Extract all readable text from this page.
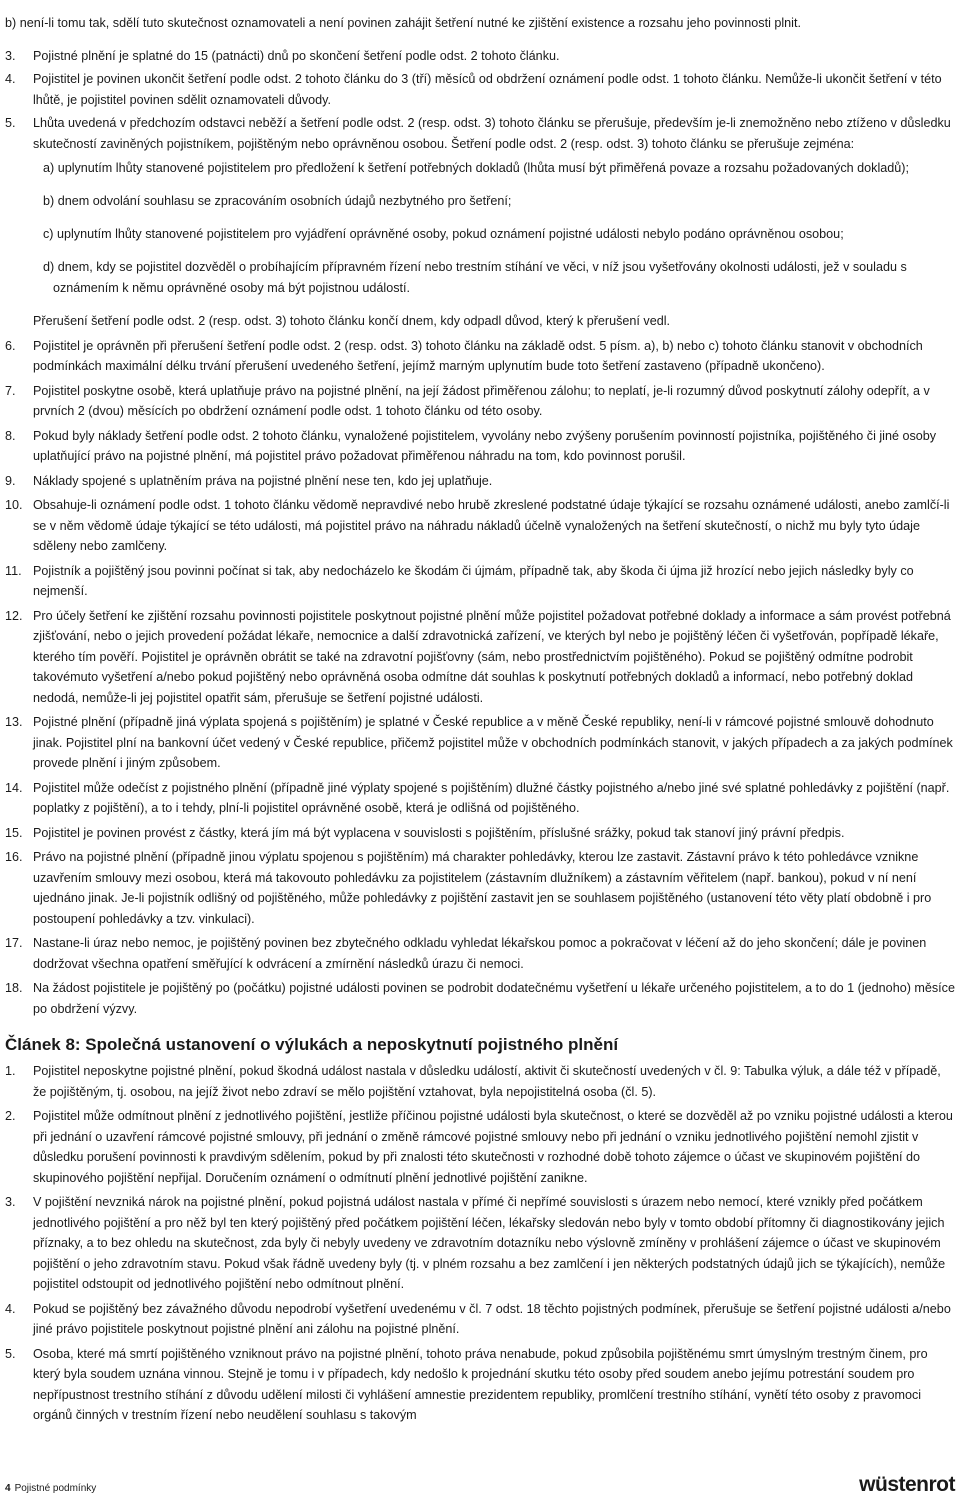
b) není-li tomu tak, sdělí tuto skutečnost oznamovateli a není povinen zahájit šetření nutné ke zjištění existence a rozsahu jeho povinnosti plnit.

3. Pojistné plnění je splatné do 15 (patnácti) dnů po skončení šetření podle odst. 2 tohoto článku.

4. Pojistitel je povinen ukončit šetření podle odst. 2 tohoto článku do 3 (tří) měsíců od obdržení oznámení podle odst. 1 tohoto článku. Nemůže-li ukončit šetření v této lhůtě, je pojistitel povinen sdělit oznamovateli důvody.

5. Lhůta uvedená v předchozím odstavci neběží a šetření podle odst. 2 (resp. odst. 3) tohoto článku se přerušuje, především je-li znemožněno nebo ztíženo v důsledku skutečností zaviněných pojistníkem, pojištěným nebo oprávněnou osobou. Šetření podle odst. 2 (resp. odst. 3) tohoto článku se přerušuje zejména:

a) uplynutím lhůty stanovené pojistitelem pro předložení k šetření potřebných dokladů (lhůta musí být přiměřená povaze a rozsahu požadovaných dokladů);

b) dnem odvolání souhlasu se zpracováním osobních údajů nezbytného pro šetření;

c) uplynutím lhůty stanovené pojistitelem pro vyjádření oprávněné osoby, pokud oznámení pojistné události nebylo podáno oprávněnou osobou;

d) dnem, kdy se pojistitel dozvěděl o probíhajícím přípravném řízení nebo trestním stíhání ve věci, v níž jsou vyšetřovány okolnosti události, jež v souladu s oznámením k němu oprávněné osoby má být pojistnou událostí.

Přerušení šetření podle odst. 2 (resp. odst. 3) tohoto článku končí dnem, kdy odpadl důvod, který k přerušení vedl.

6. Pojistitel je oprávněn při přerušení šetření podle odst. 2 (resp. odst. 3) tohoto článku na základě odst. 5 písm. a), b) nebo c) tohoto článku stanovit v obchodních podmínkách maximální délku trvání přerušení uvedeného šetření, jejímž marným uplynutím bude toto šetření zastaveno (případně ukončeno).

7. Pojistitel poskytne osobě, která uplatňuje právo na pojistné plnění, na její žádost přiměřenou zálohu; to neplatí, je-li rozumný důvod poskytnutí zálohy odepřít, a v prvních 2 (dvou) měsících po obdržení oznámení podle odst. 1 tohoto článku od této osoby.

8. Pokud byly náklady šetření podle odst. 2 tohoto článku, vynaložené pojistitelem, vyvolány nebo zvýšeny porušením povinností pojistníka, pojištěného či jiné osoby uplatňující právo na pojistné plnění, má pojistitel právo požadovat přiměřenou náhradu na tom, kdo povinnost porušil.

9. Náklady spojené s uplatněním práva na pojistné plnění nese ten, kdo jej uplatňuje.

10. Obsahuje-li oznámení podle odst. 1 tohoto článku vědomě nepravdivé nebo hrubě zkreslené podstatné údaje týkající se rozsahu oznámené události, anebo zamlčí-li se v něm vědomě údaje týkající se této události, má pojistitel právo na náhradu nákladů účelně vynaložených na šetření skutečností, o nichž mu byly tyto údaje sděleny nebo zamlčeny.

11. Pojistník a pojištěný jsou povinni počínat si tak, aby nedocházelo ke škodám či újmám, případně tak, aby škoda či újma již hrozící nebo jejich následky byly co nejmenší.

12. Pro účely šetření ke zjištění rozsahu povinnosti pojistitele poskytnout pojistné plnění může pojistitel požadovat potřebné doklady a informace a sám provést potřebná zjišťování, nebo o jejich provedení požádat lékaře, nemocnice a další zdravotnická zařízení, ve kterých byl nebo je pojištěný léčen či vyšetřován, popřípadě lékaře, kterého tím pověří. Pojistitel je oprávněn obrátit se také na zdravotní pojišťovny (sám, nebo prostřednictvím pojištěného). Pokud se pojištěný odmítne podrobit takovémuto vyšetření a/nebo pokud pojištěný nebo oprávněná osoba odmítne dát souhlas k poskytnutí potřebných dokladů a informací, nebo potřebný doklad nedodá, nemůže-li jej pojistitel opatřit sám, přerušuje se šetření pojistné události.

13. Pojistné plnění (případně jiná výplata spojená s pojištěním) je splatné v České republice a v měně České republiky, není-li v rámcové pojistné smlouvě dohodnuto jinak. Pojistitel plní na bankovní účet vedený v České republice, přičemž pojistitel může v obchodních podmínkách stanovit, v jakých případech a za jakých podmínek provede plnění i jiným způsobem.

14. Pojistitel může odečíst z pojistného plnění (případně jiné výplaty spojené s pojištěním) dlužné částky pojistného a/nebo jiné své splatné pohledávky z pojištění (např. poplatky z pojištění), a to i tehdy, plní-li pojistitel oprávněné osobě, která je odlišná od pojištěného.

15. Pojistitel je povinen provést z částky, která jím má být vyplacena v souvislosti s pojištěním, příslušné srážky, pokud tak stanoví jiný právní předpis.

16. Právo na pojistné plnění (případně jinou výplatu spojenou s pojištěním) má charakter pohledávky, kterou lze zastavit. Zástavní právo k této pohledávce vznikne uzavřením smlouvy mezi osobou, která má takovouto pohledávku za pojistitelem (zástavním dlužníkem) a zástavním věřitelem (např. bankou), pokud v ní není ujednáno jinak. Je-li pojistník odlišný od pojištěného, může pohledávky z pojištění zastavit jen se souhlasem pojištěného (ustanovení této věty platí obdobně i pro postoupení pohledávky a tzv. vinkulaci).

17. Nastane-li úraz nebo nemoc, je pojištěný povinen bez zbytečného odkladu vyhledat lékařskou pomoc a pokračovat v léčení až do jeho skončení; dále je povinen dodržovat všechna opatření směřující k odvrácení a zmírnění následků úrazu či nemoci.

18. Na žádost pojistitele je pojištěný po (počátku) pojistné události povinen se podrobit dodatečnému vyšetření u lékaře určeného pojistitelem, a to do 1 (jednoho) měsíce po obdržení výzvy.

Článek 8: Společná ustanovení o výlukách a neposkytnutí pojistného plnění

1. Pojistitel neposkytne pojistné plnění, pokud škodná událost nastala v důsledku událostí, aktivit či skutečností uvedených v čl. 9: Tabulka výluk, a dále též v případě, že pojištěným, tj. osobou, na jejíž život nebo zdraví se mělo pojištění vztahovat, byla nepojistitelná osoba (čl. 5).

2. Pojistitel může odmítnout plnění z jednotlivého pojištění, jestliže příčinou pojistné události byla skutečnost, o které se dozvěděl až po vzniku pojistné události a kterou při jednání o uzavření rámcové pojistné smlouvy, při jednání o změně rámcové pojistné smlouvy nebo při jednání o vzniku jednotlivého pojištění nemohl zjistit v důsledku porušení povinnosti k pravdivým sdělením, pokud by při znalosti této skutečnosti v rozhodné době tohoto zájemce o účast ve skupinovém pojištění do skupinového pojištění nepřijal. Doručením oznámení o odmítnutí plnění jednotlivé pojištění zanikne.

3. V pojištění nevzniká nárok na pojistné plnění, pokud pojistná událost nastala v přímé či nepřímé souvislosti s úrazem nebo nemocí, které vznikly před počátkem jednotlivého pojištění a pro něž byl ten který pojištěný před počátkem pojištění léčen, lékařsky sledován nebo byly v tomto období přítomny či diagnostikovány jejich příznaky, a to bez ohledu na skutečnost, zda byly či nebyly uvedeny ve zdravotním dotazníku nebo výslovně zmíněny v prohlášení zájemce o účast ve skupinovém pojištění o jeho zdravotním stavu. Pokud však řádně uvedeny byly (tj. v plném rozsahu a bez zamlčení i jen některých podstatných údajů jich se týkajících), nemůže pojistitel odstoupit od jednotlivého pojištění nebo odmítnout plnění.

4. Pokud se pojištěný bez závažného důvodu nepodrobí vyšetření uvedenému v čl. 7 odst. 18 těchto pojistných podmínek, přerušuje se šetření pojistné události a/nebo jiné právo pojistitele poskytnout pojistné plnění ani zálohu na pojistné plnění.

5. Osoba, které má smrtí pojištěného vzniknout právo na pojistné plnění, tohoto práva nenabude, pokud způsobila pojištěnému smrt úmyslným trestným činem, pro který byla soudem uznána vinnou. Stejně je tomu i v případech, kdy nedošlo k projednání skutku této osoby před soudem anebo jejímu potrestání soudem pro nepřípustnost trestního stíhání z důvodu udělení milosti či vyhlášení amnestie prezidentem republiky, promlčení trestního stíhání, vynětí této osoby z pravomoci orgánů činných v trestním řízení nebo neudělení souhlasu s takovým

4 Pojistné podmínky	wüstenrot
